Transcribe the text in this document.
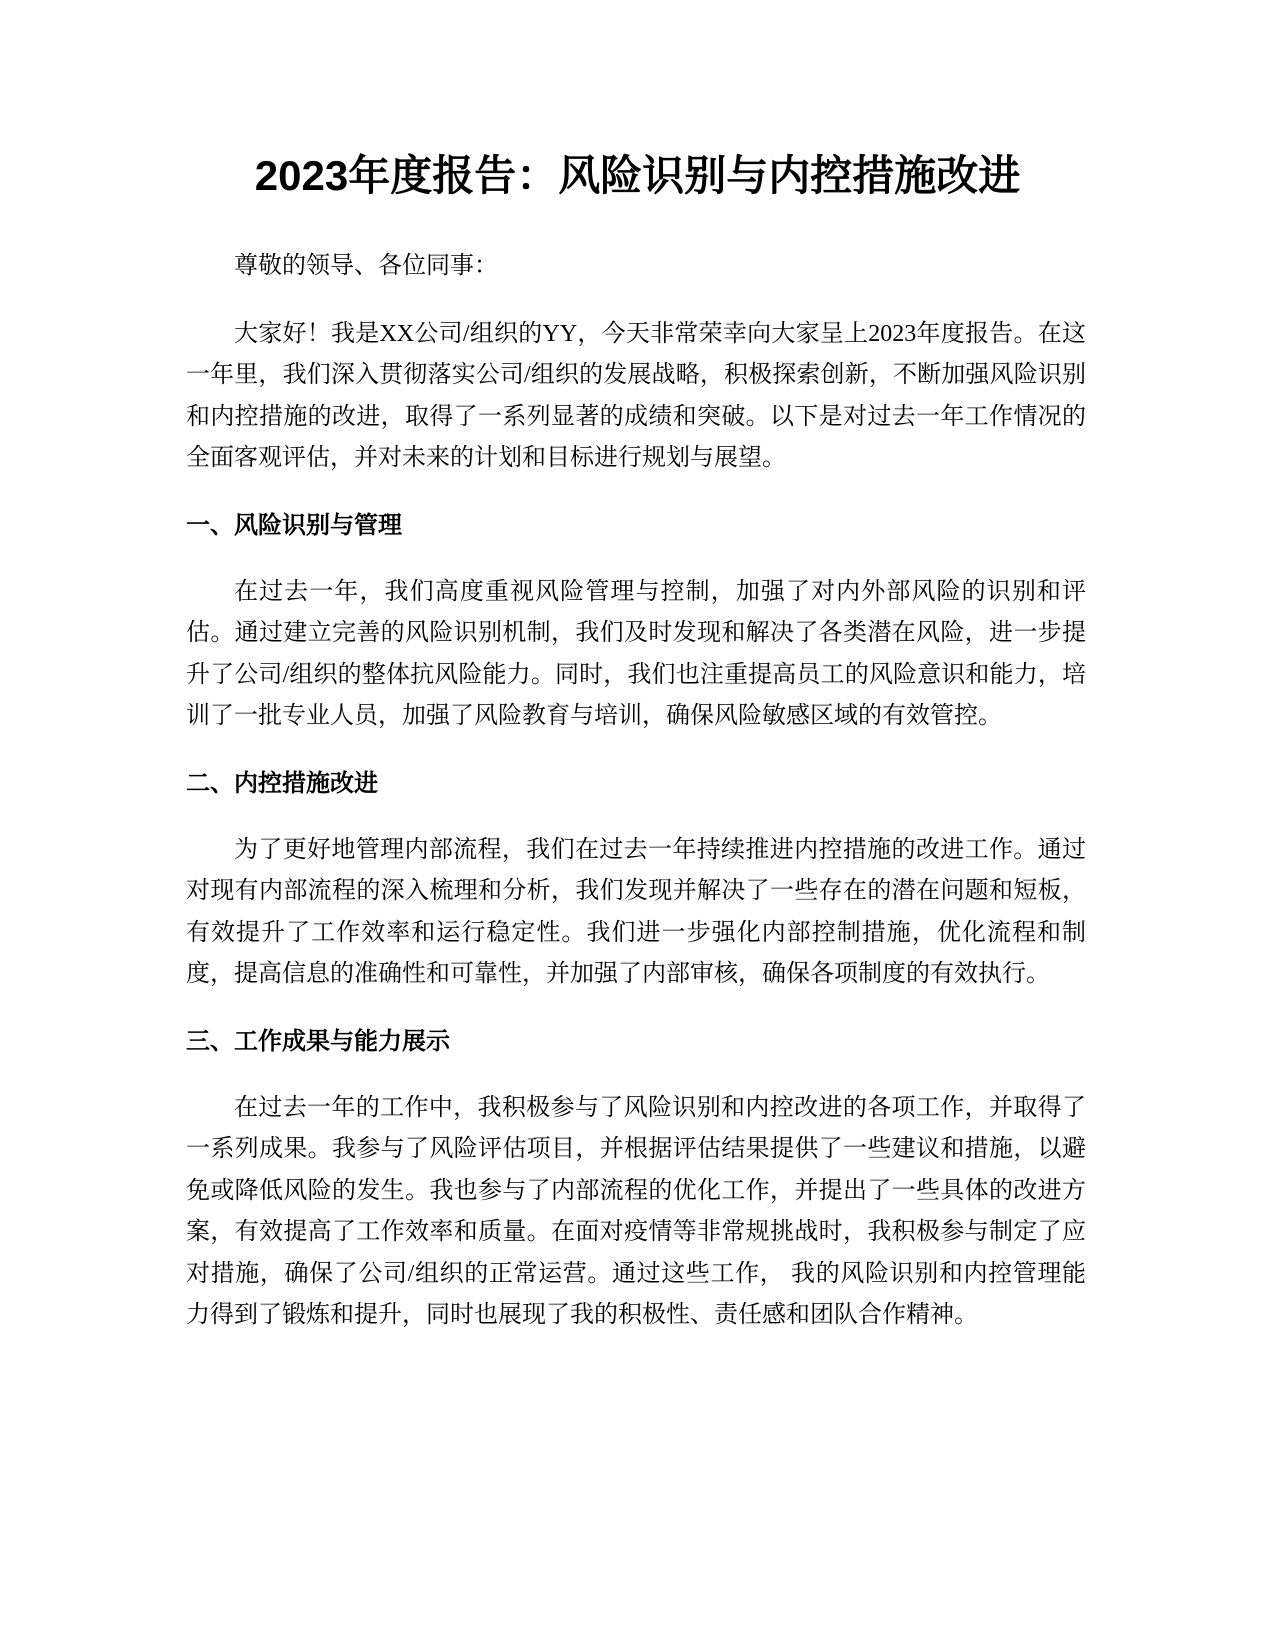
2023年度报告：风险识别与内控措施改进

尊敬的领导、各位同事：

大家好！我是XX公司/组织的YY，今天非常荣幸向大家呈上2023年度报告。在这一年里，我们深入贯彻落实公司/组织的发展战略，积极探索创新，不断加强风险识别和内控措施的改进，取得了一系列显著的成绩和突破。以下是对过去一年工作情况的全面客观评估，并对未来的计划和目标进行规划与展望。

一、风险识别与管理

在过去一年，我们高度重视风险管理与控制，加强了对内外部风险的识别和评估。通过建立完善的风险识别机制，我们及时发现和解决了各类潜在风险，进一步提升了公司/组织的整体抗风险能力。同时，我们也注重提高员工的风险意识和能力，培训了一批专业人员，加强了风险教育与培训，确保风险敏感区域的有效管控。

二、内控措施改进

为了更好地管理内部流程，我们在过去一年持续推进内控措施的改进工作。通过对现有内部流程的深入梳理和分析，我们发现并解决了一些存在的潜在问题和短板，有效提升了工作效率和运行稳定性。我们进一步强化内部控制措施，优化流程和制度，提高信息的准确性和可靠性，并加强了内部审核，确保各项制度的有效执行。

三、工作成果与能力展示

在过去一年的工作中，我积极参与了风险识别和内控改进的各项工作，并取得了一系列成果。我参与了风险评估项目，并根据评估结果提供了一些建议和措施，以避免或降低风险的发生。我也参与了内部流程的优化工作，并提出了一些具体的改进方案，有效提高了工作效率和质量。在面对疫情等非常规挑战时，我积极参与制定了应对措施，确保了公司/组织的正常运营。通过这些工作， 我的风险识别和内控管理能力得到了锻炼和提升，同时也展现了我的积极性、责任感和团队合作精神。
